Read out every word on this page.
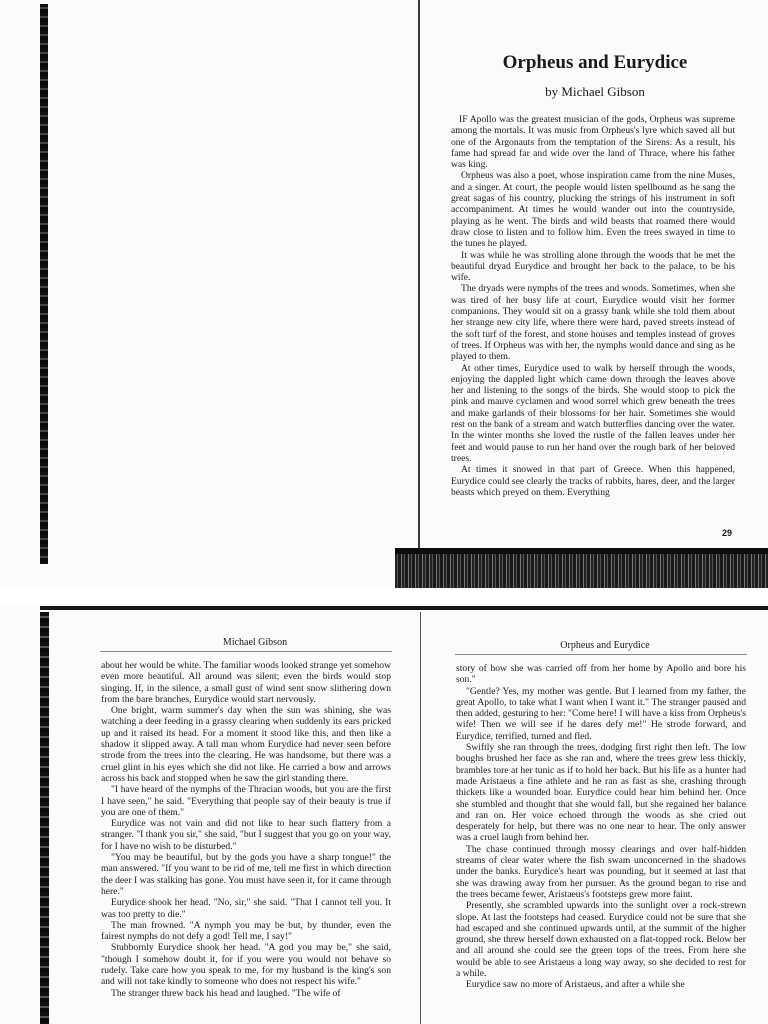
Orpheus and Eurydice
by Michael Gibson

IF Apollo was the greatest musician of the gods, Orpheus was supreme among the mortals. It was music from Orpheus's lyre which saved all but one of the Argonauts from the temptation of the Sirens. As a result, his fame had spread far and wide over the land of Thrace, where his father was king.

Orpheus was also a poet, whose inspiration came from the nine Muses, and a singer. At court, the people would listen spellbound as he sang the great sagas of his country, plucking the strings of his instrument in soft accompaniment. At times he would wander out into the countryside, playing as he went. The birds and wild beasts that roamed there would draw close to listen and to follow him. Even the trees swayed in time to the tunes he played.

It was while he was strolling alone through the woods that he met the beautiful dryad Eurydice and brought her back to the palace, to be his wife.

The dryads were nymphs of the trees and woods. Sometimes, when she was tired of her busy life at court, Eurydice would visit her former companions. They would sit on a grassy bank while she told them about her strange new city life, where there were hard, paved streets instead of the soft turf of the forest, and stone houses and temples instead of groves of trees. If Orpheus was with her, the nymphs would dance and sing as he played to them.

At other times, Eurydice used to walk by herself through the woods, enjoying the dappled light which came down through the leaves above her and listening to the songs of the birds. She would stoop to pick the pink and mauve cyclamen and wood sorrel which grew beneath the trees and make garlands of their blossoms for her hair. Sometimes she would rest on the bank of a stream and watch butterflies dancing over the water. In the winter months she loved the rustle of the fallen leaves under her feet and would pause to run her hand over the rough bark of her beloved trees.

At times it snowed in that part of Greece. When this happened, Eurydice could see clearly the tracks of rabbits, hares, deer, and the larger beasts which preyed on them. Everything

29
Michael Gibson	Orpheus and Eurydice

about her would be white. The familiar woods looked strange yet somehow even more beautiful. All around was silent; even the birds would stop singing. If, in the silence, a small gust of wind sent snow slithering down from the bare branches, Eurydice would start nervously.

One bright, warm summer's day when the sun was shining, she was watching a deer feeding in a grassy clearing when suddenly its ears pricked up and it raised its head. For a moment it stood like this, and then like a shadow it slipped away. A tall man whom Eurydice had never seen before strode from the trees into the clearing. He was handsome, but there was a cruel glint in his eyes which she did not like. He carried a bow and arrows across his back and stopped when he saw the girl standing there.

"I have heard of the nymphs of the Thracian woods, but you are the first I have seen," he said. "Everything that people say of their beauty is true if you are one of them."

Eurydice was not vain and did not like to hear such flattery from a stranger. "I thank you sir," she said, "but I suggest that you go on your way, for I have no wish to be disturbed."

"You may be beautiful, but by the gods you have a sharp tongue!" the man answered. "If you want to be rid of me, tell me first in which direction the deer I was stalking has gone. You must have seen it, for it came through here."

Eurydice shook her head. "No, sir," she said. "That I cannot tell you. It was too pretty to die."

The man frowned. "A nymph you may be but, by thunder, even the fairest nymphs do not defy a god! Tell me, I say!"

Stubbornly Eurydice shook her head. "A god you may be," she said, "though I somehow doubt it, for if you were you would not behave so rudely. Take care how you speak to me, for my husband is the king's son and will not take kindly to someone who does not respect his wife."

The stranger threw back his head and laughed. "The wife of

story of how she was carried off from her home by Apollo and bore his son."

"Gentle? Yes, my mother was gentle. But I learned from my father, the great Apollo, to take what I want when I want it." The stranger paused and then added, gesturing to her: "Come here! I will have a kiss from Orpheus's wife! Then we will see if he dares defy me!" He strode forward, and Eurydice, terrified, turned and fled.

Swiftly she ran through the trees, dodging first right then left. The low boughs brushed her face as she ran and, where the trees grew less thickly, brambles tore at her tunic as if to hold her back. But his life as a hunter had made Aristaeus a fine athlete and he ran as fast as she, crashing through thickets like a wounded boar. Eurydice could hear him behind her. Once she stumbled and thought that she would fall, but she regained her balance and ran on. Her voice echoed through the woods as she cried out desperately for help, but there was no one near to hear. The only answer was a cruel laugh from behind her.

The chase continued through mossy clearings and over half-hidden streams of clear water where the fish swam unconcerned in the shadows under the banks. Eurydice's heart was pounding, but it seemed at last that she was drawing away from her pursuer. As the ground began to rise and the trees became fewer, Aristaeus's footsteps grew more faint.

Presently, she scrambled upwards into the sunlight over a rock-strewn slope. At last the footsteps had ceased. Eurydice could not be sure that she had escaped and she continued upwards until, at the summit of the higher ground, she threw herself down exhausted on a flat-topped rock. Below her and all around she could see the green tops of the trees. From here she would be able to see Aristaeus a long way away, so she decided to rest for a while.

Eurydice saw no more of Aristaeus, and after a while she
